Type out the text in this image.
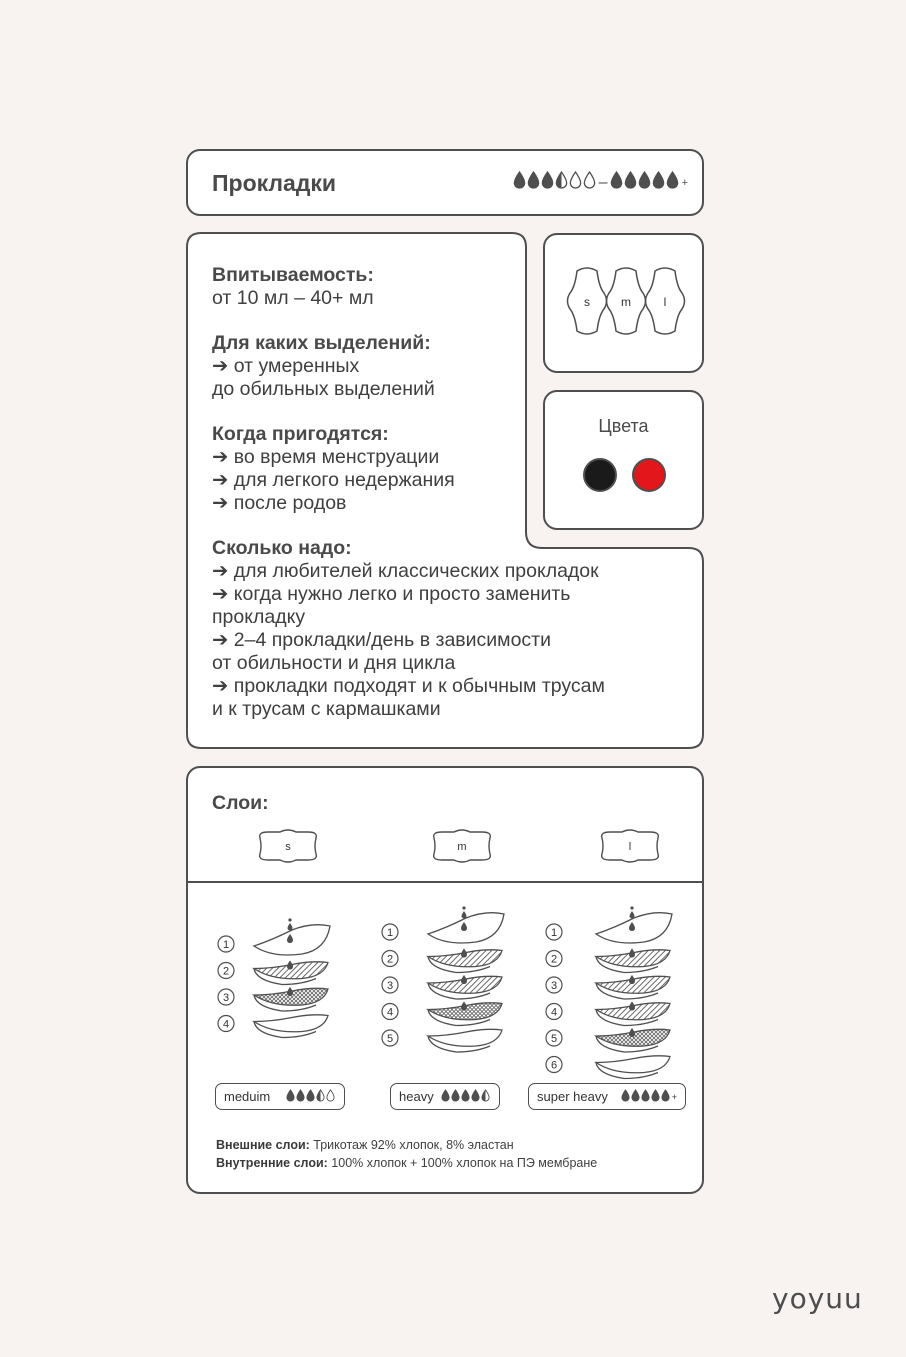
Прокладки	–	+
Впитываемость:
от 10 мл – 40+ мл
Для каких выделений:
➔ от умеренных
до обильных выделений
Когда пригодятся:
➔ во время менструации
➔ для легкого недержания
➔ после родов
Сколько надо:
➔ для любителей классических прокладок
➔ когда нужно легко и просто заменить
прокладку
➔ 2–4 прокладки/день в зависимости
от обильности и дня цикла
➔ прокладки подходят и к обычным трусам
и к трусам с кармашками
s	m	l
Цвета
Слои:
s
1
2
3
4
m
1
2
3
4
5
l
1
2
3
4
5
6
meduim	heavy	super heavy	+
Внешние слои: Трикотаж 92% хлопок, 8% эластан
Внутренние слои: 100% хлопок + 100% хлопок на ПЭ мембране
yoyuu
